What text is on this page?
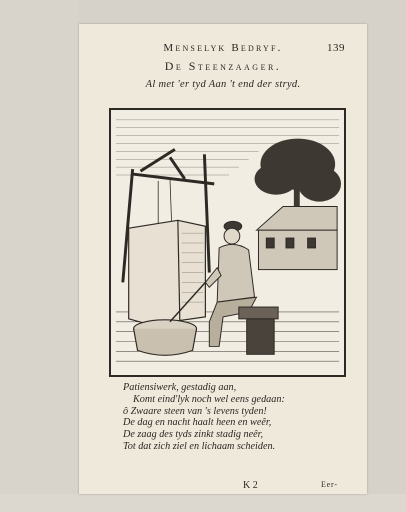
Menselyk Bedryf.	139
De Steenzaager.
Al met 'er tyd Aan 't end der stryd.
Patiensiwerk, gestadig aan,
Komt eind'lyk noch wel eens gedaan:
ô Zwaare steen van 's levens tyden!
De dag en nacht haalt heen en weêr,
De zaag des tyds zinkt stadig neêr,
Tot dat zich ziel en lichaam scheiden.
K 2	Eer-
